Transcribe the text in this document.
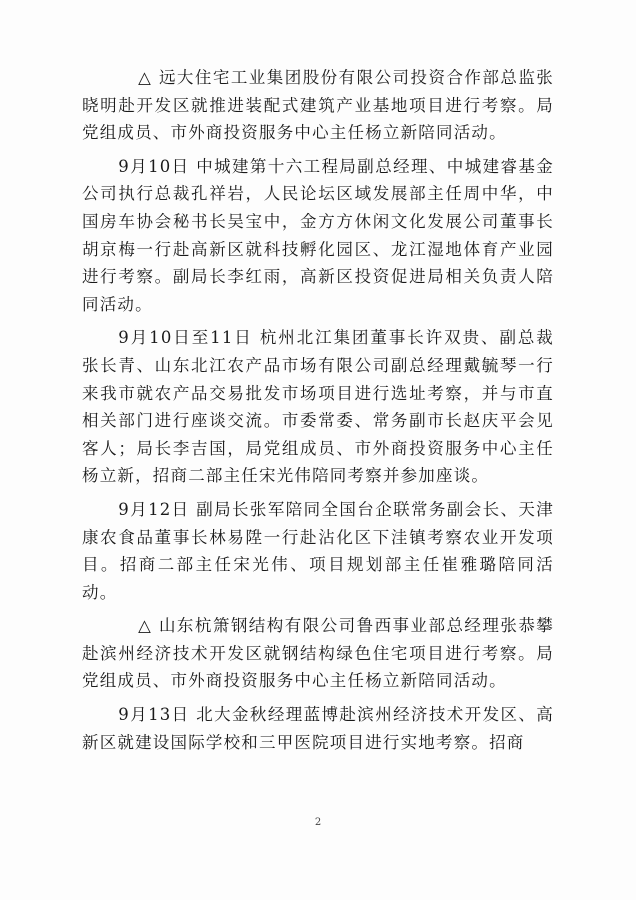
△ 远大住宅工业集团股份有限公司投资合作部总监张晓明赴开发区就推进装配式建筑产业基地项目进行考察。局党组成员、市外商投资服务中心主任杨立新陪同活动。

9月10日 中城建第十六工程局副总经理、中城建睿基金公司执行总裁孔祥岩，人民论坛区域发展部主任周中华，中国房车协会秘书长吴宝中，金方方休闲文化发展公司董事长胡京梅一行赴高新区就科技孵化园区、龙江湿地体育产业园进行考察。副局长李红雨，高新区投资促进局相关负责人陪同活动。

9月10日至11日 杭州北江集团董事长许双贵、副总裁张长青、山东北江农产品市场有限公司副总经理戴毓琴一行来我市就农产品交易批发市场项目进行选址考察，并与市直相关部门进行座谈交流。市委常委、常务副市长赵庆平会见客人；局长李吉国，局党组成员、市外商投资服务中心主任杨立新，招商二部主任宋光伟陪同考察并参加座谈。

9月12日 副局长张军陪同全国台企联常务副会长、天津康农食品董事长林易陞一行赴沾化区下洼镇考察农业开发项目。招商二部主任宋光伟、项目规划部主任崔雅璐陪同活动。

△ 山东杭箫钢结构有限公司鲁西事业部总经理张恭攀赴滨州经济技术开发区就钢结构绿色住宅项目进行考察。局党组成员、市外商投资服务中心主任杨立新陪同活动。

9月13日 北大金秋经理蓝博赴滨州经济技术开发区、高新区就建设国际学校和三甲医院项目进行实地考察。招商

2
